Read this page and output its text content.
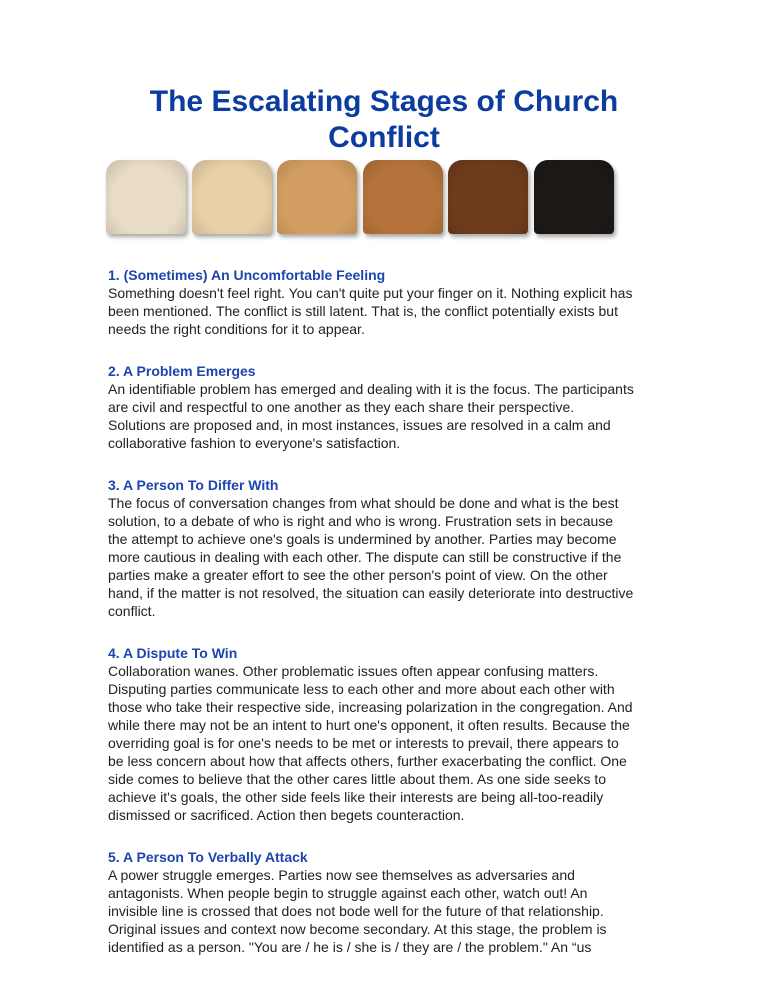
The Escalating Stages of Church
Conflict
1. (Sometimes) An Uncomfortable Feeling
Something doesn't feel right. You can't quite put your finger on it. Nothing explicit has
been mentioned. The conflict is still latent. That is, the conflict potentially exists but
needs the right conditions for it to appear.
2. A Problem Emerges
An identifiable problem has emerged and dealing with it is the focus. The participants
are civil and respectful to one another as they each share their perspective.
Solutions are proposed and, in most instances, issues are resolved in a calm and
collaborative fashion to everyone's satisfaction.
3. A Person To Differ With
The focus of conversation changes from what should be done and what is the best
solution, to a debate of who is right and who is wrong. Frustration sets in because
the attempt to achieve one's goals is undermined by another. Parties may become
more cautious in dealing with each other. The dispute can still be constructive if the
parties make a greater effort to see the other person's point of view. On the other
hand, if the matter is not resolved, the situation can easily deteriorate into destructive
conflict.
4. A Dispute To Win
Collaboration wanes. Other problematic issues often appear confusing matters.
Disputing parties communicate less to each other and more about each other with
those who take their respective side, increasing polarization in the congregation. And
while there may not be an intent to hurt one's opponent, it often results. Because the
overriding goal is for one's needs to be met or interests to prevail, there appears to
be less concern about how that affects others, further exacerbating the conflict. One
side comes to believe that the other cares little about them. As one side seeks to
achieve it's goals, the other side feels like their interests are being all-too-readily
dismissed or sacrificed. Action then begets counteraction.
5. A Person To Verbally Attack
A power struggle emerges. Parties now see themselves as adversaries and
antagonists. When people begin to struggle against each other, watch out! An
invisible line is crossed that does not bode well for the future of that relationship.
Original issues and context now become secondary. At this stage, the problem is
identified as a person. "You are / he is / she is / they are / the problem." An “us
